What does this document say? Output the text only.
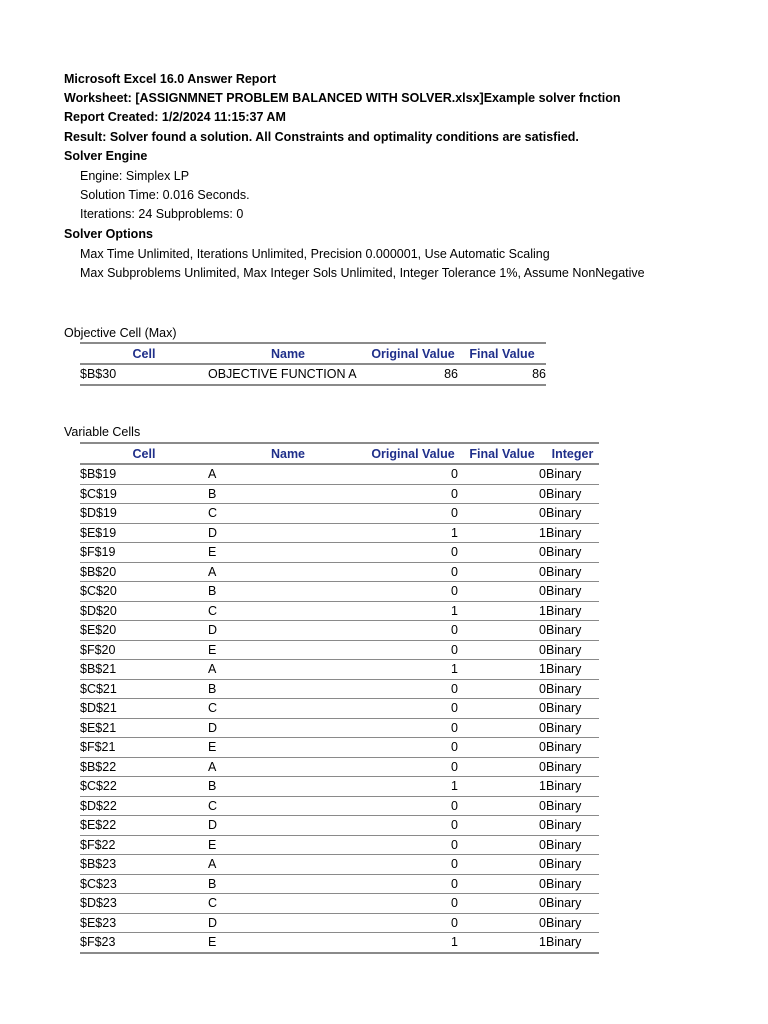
Microsoft Excel 16.0 Answer Report
Worksheet: [ASSIGNMNET PROBLEM BALANCED WITH SOLVER.xlsx]Example solver fnction
Report Created: 1/2/2024 11:15:37 AM
Result: Solver found a solution. All Constraints and optimality conditions are satisfied.
Solver Engine
Engine: Simplex LP
Solution Time: 0.016 Seconds.
Iterations: 24 Subproblems: 0
Solver Options
Max Time Unlimited, Iterations Unlimited, Precision 0.000001, Use Automatic Scaling
Max Subproblems Unlimited, Max Integer Sols Unlimited, Integer Tolerance 1%, Assume NonNegative
Objective Cell (Max)
Cell	Name	Original Value	Final Value
$B$30	OBJECTIVE FUNCTION A	86	86
Variable Cells
Cell	Name	Original Value	Final Value	Integer
$B$19	A	0	0	Binary
$C$19	B	0	0	Binary
$D$19	C	0	0	Binary
$E$19	D	1	1	Binary
$F$19	E	0	0	Binary
$B$20	A	0	0	Binary
$C$20	B	0	0	Binary
$D$20	C	1	1	Binary
$E$20	D	0	0	Binary
$F$20	E	0	0	Binary
$B$21	A	1	1	Binary
$C$21	B	0	0	Binary
$D$21	C	0	0	Binary
$E$21	D	0	0	Binary
$F$21	E	0	0	Binary
$B$22	A	0	0	Binary
$C$22	B	1	1	Binary
$D$22	C	0	0	Binary
$E$22	D	0	0	Binary
$F$22	E	0	0	Binary
$B$23	A	0	0	Binary
$C$23	B	0	0	Binary
$D$23	C	0	0	Binary
$E$23	D	0	0	Binary
$F$23	E	1	1	Binary
